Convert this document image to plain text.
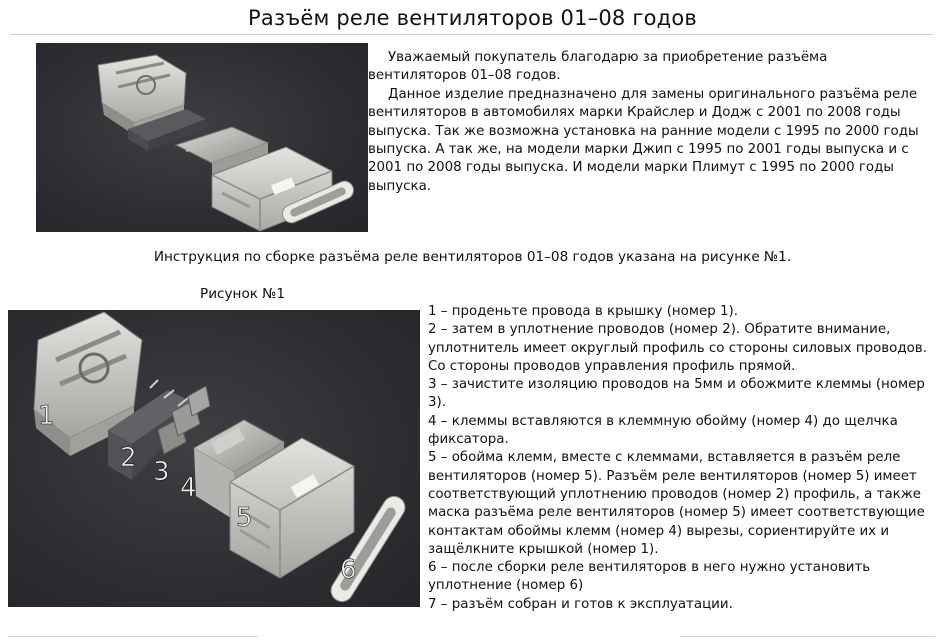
Разъём реле вентиляторов 01–08 годов

Уважаемый покупатель благодарю за приобретение разъёма вентиляторов 01–08 годов.

Данное изделие предназначено для замены оригинального разъёма реле вентиляторов в автомобилях марки Крайслер и Додж с 2001 по 2008 годы выпуска. Так же возможна установка на ранние модели с 1995 по 2000 годы выпуска. А так же, на модели марки Джип с 1995 по 2001 годы выпуска и с 2001 по 2008 годы выпуска. И модели марки Плимут с 1995 по 2000 годы выпуска.

Инструкция по сборке разъёма реле вентиляторов 01–08 годов указана на рисунке №1.
Рисунок №1
1
2 3
4
5
6

1 – проденьте провода в крышку (номер 1).

2 – затем в уплотнение проводов (номер 2). Обратите внимание, уплотнитель имеет округлый профиль со стороны силовых проводов. Со стороны проводов управления профиль прямой.

3 – зачистите изоляцию проводов на 5мм и обожмите клеммы (номер 3).

4 – клеммы вставляются в клеммную обойму (номер 4) до щелчка фиксатора.

5 – обойма клемм, вместе с клеммами, вставляется в разъём реле вентиляторов (номер 5). Разъём реле вентиляторов (номер 5) имеет соответствующий уплотнению проводов (номер 2) профиль, а также маска разъёма реле вентиляторов (номер 5) имеет соответствующие контактам обоймы клемм (номер 4) вырезы, сориентируйте их и защёлкните крышкой (номер 1).

6 – после сборки реле вентиляторов в него нужно установить уплотнение (номер 6)

7 – разъём собран и готов к эксплуатации.
